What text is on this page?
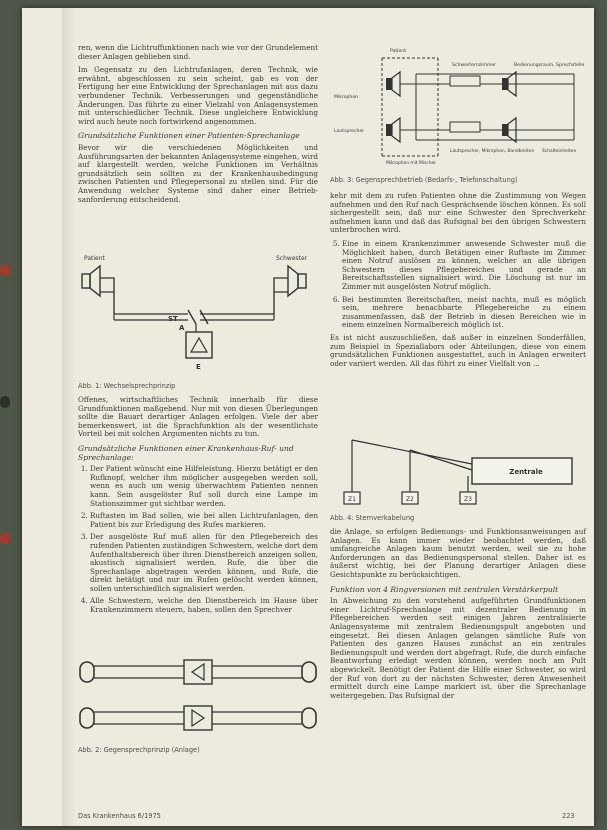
ren, wenn die Lichtruffunktionen nach wie vor der Grundelement dieser Anlagen geblieben sind.

Im Gegensatz zu den Lichtrufanlagen, deren Technik, wie erwähnt, abgeschlossen zu sein scheint, gab es von der Fertigung her eine Entwicklung der Sprechanlagen mit aus dazu verbundener Technik. Verbesserungen und gegenständliche Änderungen. Das führte zu einer Vielzahl von Anlagensystemen mit unterschiedlicher Technik. Diese ungleichere Entwicklung wird auch heute noch fortwirkend angenommen.

Grundsätzliche Funktionen einer Patienten-Sprechanlage

Bevor wir die verschiedenen Möglichkeiten und Ausführungsarten der bekannten Anlagensysteme eingehen, wird auf klargestellt werden, welche Funktionen im Verhältnis grundsätzlich sein sollten zu der Krankenhausbedingung zwischen Patienten und Pflegepersonal zu stellen sind. Für die Anwendung welcher Systeme sind daher einer Betriebsanforderung entscheidend.

Patient	Schwester
ST
A
E
Abb. 1: Wechselsprechprinzip

Offenes, wirtschaftliches Technik innerhalb für diese Grundfunktionen maßgebend. Nur mit von diesen Überlegungen sollte die Bauart derartiger Anlagen erfolgen. Viele der aber bemerkenswert, ist die Sprachfunktion als der wesentlichste Vorteil bei mit solchen Argumenten nichts zu tun.

Grundsätzliche Funktionen einer Krankenhaus-Ruf- und Sprechanlage:
1. Der Patient wünscht eine Hilfeleistung. Hierzu betätigt er den Rufknopf, welcher ihm möglicher ausgegeben werden soll, wenn es auch um wenig überwachtem Patienten nennen kann. Sein ausgelöster Ruf soll durch eine Lampe im Stationszimmer gut sichtbar werden.
2. Ruftasten im Bad sollen, wie bei allen Lichtrufanlagen, den Patient bis zur Erledigung des Rufes markieren.
3. Der ausgelöste Ruf muß allen für den Pflegebereich des rufenden Patienten zuständigen Schwestern, welche dort dem Aufenthaltsbereich über ihren Dienstbereich anzeigen sollen, akustisch signalisiert werden. Rufe, die über die Sprechanlage abgetragen werden können, und Rufe, die direkt betätigt und nur im Rufen gelöscht werden können, sollen unterschiedlich signalisiert werden.
4. Alle Schwestern, welche den Dienstbereich im Hause über Krankenzimmern steuern, haben, sollen den Sprechver
Abb. 2: Gegensprechprinzip (Anlage)
Patient
Schwesternzimmer	Bedienungsraum, Sprechstelle
Mikrophon
Lautsprecher
Mikrophon mit Mischer
Lautsprecher, Mikrophon, Bandbreiten Schalteinheiten
Abb. 3: Gegensprechbetrieb (Bedarfs-, Telefonschaltung)

kehr mit dem zu rufen Patienten ohne die Zustimmung von Wegen aufnehmen und den Ruf nach Gesprächsende löschen können. Es soll sichergestellt sein, daß nur eine Schwester den Sprechverkehr aufnehmen kann und daß das Rufsignal bei den übrigen Schwestern unterbrochen wird.

5. Eine in einem Krankenzimmer anwesende Schwester muß die Möglichkeit haben, durch Betätigen einer Ruftaste im Zimmer einen Notruf auslösen zu können, welcher an alle übrigen Schwestern dieses Pflegebereiches und gerade an Bereitschaftsstellen signalisiert wird. Die Löschung ist nur im Zimmer mit ausgelösten Notruf möglich.
6. Bei bestimmten Bereitschaften, meist nachts, muß es möglich sein, mehrere benachbarte Pflegebereiche zu einem zusammenfassen, daß der Betrieb in diesen Bereichen wie in einem einzelnen Normalbereich möglich ist.

Es ist nicht auszuschließen, daß außer in einzelnen Sonderfällen, zum Beispiel in Speziallabors oder Abteilungen, diese von einem grundsätzlichen Funktionen ausgestattet, auch in Anlagen erweitert oder variiert werden. All das führt zu einer Vielfalt von ...

Zentrale
Z1	Z2	Z3
Abb. 4: Sternverkabelung

die Anlage, so erfolgen Bedienungs- und Funktionsanweisungen auf Anlagen. Es kann immer wieder beobachtet werden, daß umfangreiche Anlagen kaum benutzt werden, weil sie zu hohe Anforderungen an das Bedienungspersonal stellen. Daher ist es äußerst wichtig, bei der Planung derartiger Anlagen diese Gesichtspunkte zu berücksichtigen.

Funktion von 4 Ringversionen mit zentralen Verstärkerpult

In Abweichung zu den vorstehend aufgeführten Grundfunktionen einer Lichtruf-Sprechanlage mit dezentraler Bedienung in Pflegebereichen werden seit einigen Jahren zentralisierte Anlagensysteme mit zentralem Bedienungspult angeboten und eingesetzt. Bei diesen Anlagen gelangen sämtliche Rufe von Patienten des ganzen Hauses zunächst an ein zentrales Bedienungspult und werden dort abgefragt. Rufe, die durch einfache Beantwortung erledigt werden können, werden noch am Pult abgewickelt. Benötigt der Patient die Hilfe einer Schwester, so wird der Ruf von dort zu der nächsten Schwester, deren Anwesenheit ermittelt durch eine Lampe markiert ist, über die Sprechanlage weitergegeben. Das Rufsignal der

Das Krankenhaus 6/1975	223
